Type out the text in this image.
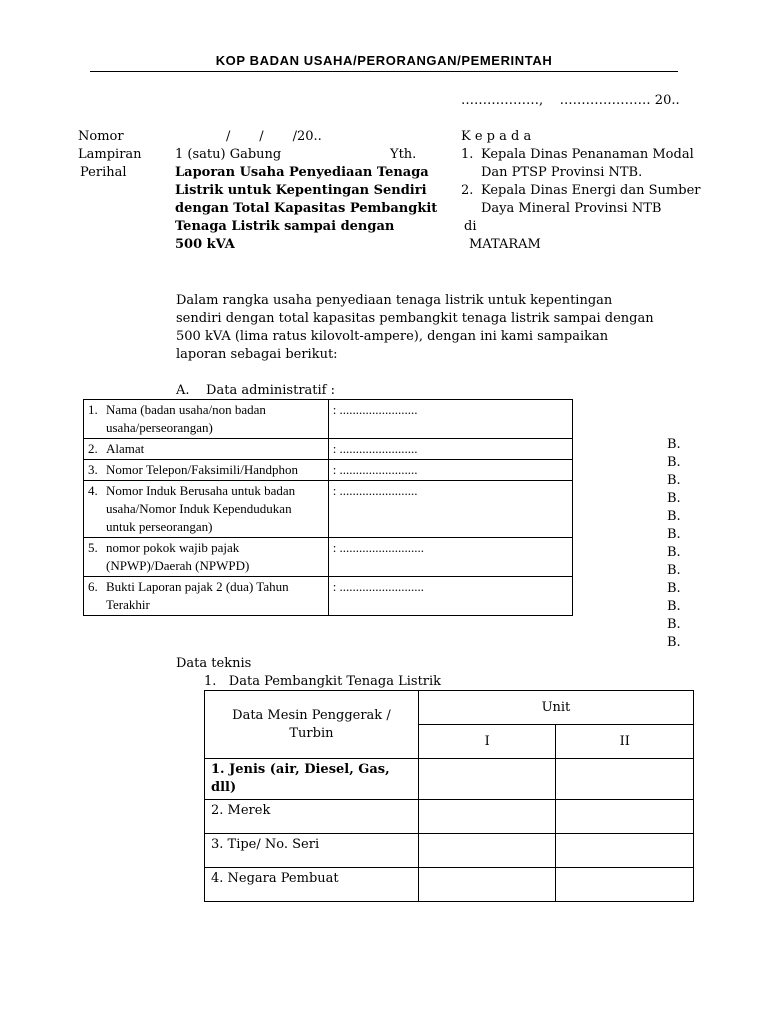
KOP BADAN USAHA/PERORANGAN/PEMERINTAH
………………, ………………… 20..
Nomor	/       /       /20..
Lampiran	1 (satu) Gabung	Yth.
Perihal	Laporan Usaha Penyediaan Tenaga
Listrik untuk Kepentingan Sendiri
dengan Total Kapasitas Pembangkit
Tenaga Listrik sampai dengan
500 kVA
K e p a d a
1. Kepala Dinas Penanaman Modal
Dan PTSP Provinsi NTB.
2. Kepala Dinas Energi dan Sumber
Daya Mineral Provinsi NTB
di
MATARAM
Dalam rangka usaha penyediaan tenaga listrik untuk kepentingan sendiri dengan total kapasitas pembangkit tenaga listrik sampai dengan 500 kVA (lima ratus kilovolt-ampere), dengan ini kami sampaikan laporan sebagai berikut:
A.    Data administratif :
1. Nama (badan usaha/non badan usaha/perseorangan)	: ........................

2. Alamat	: ........................

3. Nomor Telepon/Faksimili/Handphon	: ........................

4. Nomor Induk Berusaha untuk badan usaha/Nomor Induk Kependudukan untuk perseorangan)	: ........................

5. nomor pokok wajib pajak (NPWP)/Daerah (NPWPD)	: ..........................

6. Bukti Laporan pajak 2 (dua) Tahun Terakhir	: ..........................
B.
B.
B.
B.
B.
B.
B.
B.
B.
B.
B.
B.
Data teknis
1.   Data Pembangkit Tenaga Listrik
Data Mesin Penggerak / Turbin	Unit	
	I	II
1. Jenis (air, Diesel, Gas, dll)		
2. Merek		
3. Tipe/ No. Seri		
4. Negara Pembuat		
